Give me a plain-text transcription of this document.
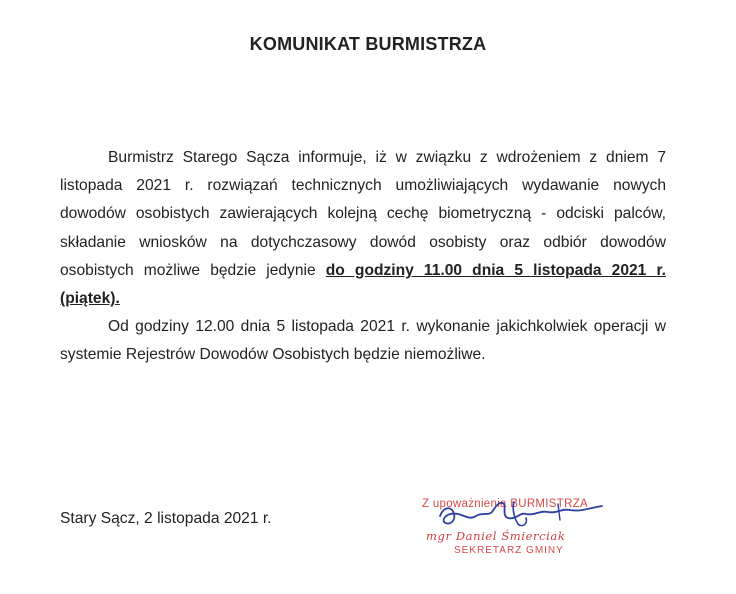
KOMUNIKAT BURMISTRZA

Burmistrz Starego Sącza informuje, iż w związku z wdrożeniem z dniem 7 listopada 2021 r. rozwiązań technicznych umożliwiających wydawanie nowych dowodów osobistych zawierających kolejną cechę biometryczną - odciski palców, składanie wniosków na dotychczasowy dowód osobisty oraz odbiór dowodów osobistych możliwe będzie jedynie do godziny 11.00 dnia 5 listopada 2021 r. (piątek).

Od godziny 12.00 dnia 5 listopada 2021 r. wykonanie jakichkolwiek operacji w systemie Rejestrów Dowodów Osobistych będzie niemożliwe.

Stary Sącz, 2 listopada 2021 r.
Z upoważnienia BURMISTRZA
mgr Daniel Śmierciak
SEKRETARZ GMINY
